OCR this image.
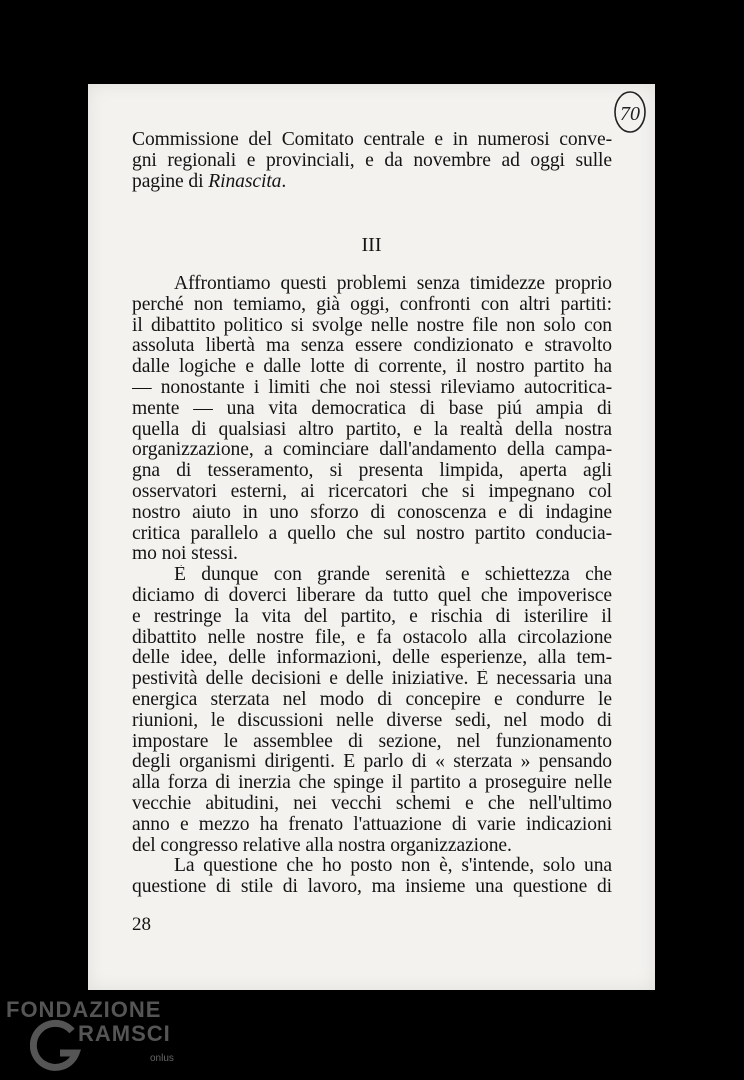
70
Commissione del Comitato centrale e in numerosi conve-
gni regionali e provinciali, e da novembre ad oggi sulle
pagine di Rinascita.
III
Affrontiamo questi problemi senza timidezze proprio
perché non temiamo, già oggi, confronti con altri partiti:
il dibattito politico si svolge nelle nostre file non solo con
assoluta libertà ma senza essere condizionato e stravolto
dalle logiche e dalle lotte di corrente, il nostro partito ha
— nonostante i limiti che noi stessi rileviamo autocritica-
mente — una vita democratica di base piú ampia di
quella di qualsiasi altro partito, e la realtà della nostra
organizzazione, a cominciare dall'andamento della campa-
gna di tesseramento, si presenta limpida, aperta agli
osservatori esterni, ai ricercatori che si impegnano col
nostro aiuto in uno sforzo di conoscenza e di indagine
critica parallelo a quello che sul nostro partito conducia-
mo noi stessi.
È dunque con grande serenità e schiettezza che
diciamo di doverci liberare da tutto quel che impoverisce
e restringe la vita del partito, e rischia di isterilire il
dibattito nelle nostre file, e fa ostacolo alla circolazione
delle idee, delle informazioni, delle esperienze, alla tem-
pestività delle decisioni e delle iniziative. È necessaria una
energica sterzata nel modo di concepire e condurre le
riunioni, le discussioni nelle diverse sedi, nel modo di
impostare le assemblee di sezione, nel funzionamento
degli organismi dirigenti. E parlo di « sterzata » pensando
alla forza di inerzia che spinge il partito a proseguire nelle
vecchie abitudini, nei vecchi schemi e che nell'ultimo
anno e mezzo ha frenato l'attuazione di varie indicazioni
del congresso relative alla nostra organizzazione.
La questione che ho posto non è, s'intende, solo una
questione di stile di lavoro, ma insieme una questione di
28
FONDAZIONE
RAMSCI
onlus
